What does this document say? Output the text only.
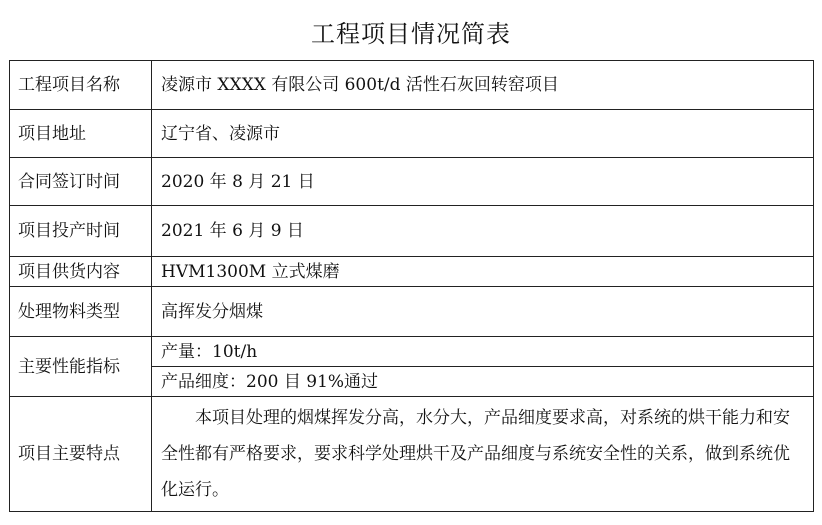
工程项目情况简表
工程项目名称	凌源市 XXXX 有限公司 600t/d 活性石灰回转窑项目
项目地址	辽宁省、凌源市
合同签订时间	2020 年 8 月 21 日
项目投产时间	2021 年 6 月 9 日
项目供货内容	HVM1300M 立式煤磨
处理物料类型	高挥发分烟煤
主要性能指标	产量：10t/h
	产品细度：200 目 91%通过
项目主要特点	本项目处理的烟煤挥发分高，水分大，产品细度要求高，对系统的烘干能力和安全性都有严格要求，要求科学处理烘干及产品细度与系统安全性的关系，做到系统优化运行。
